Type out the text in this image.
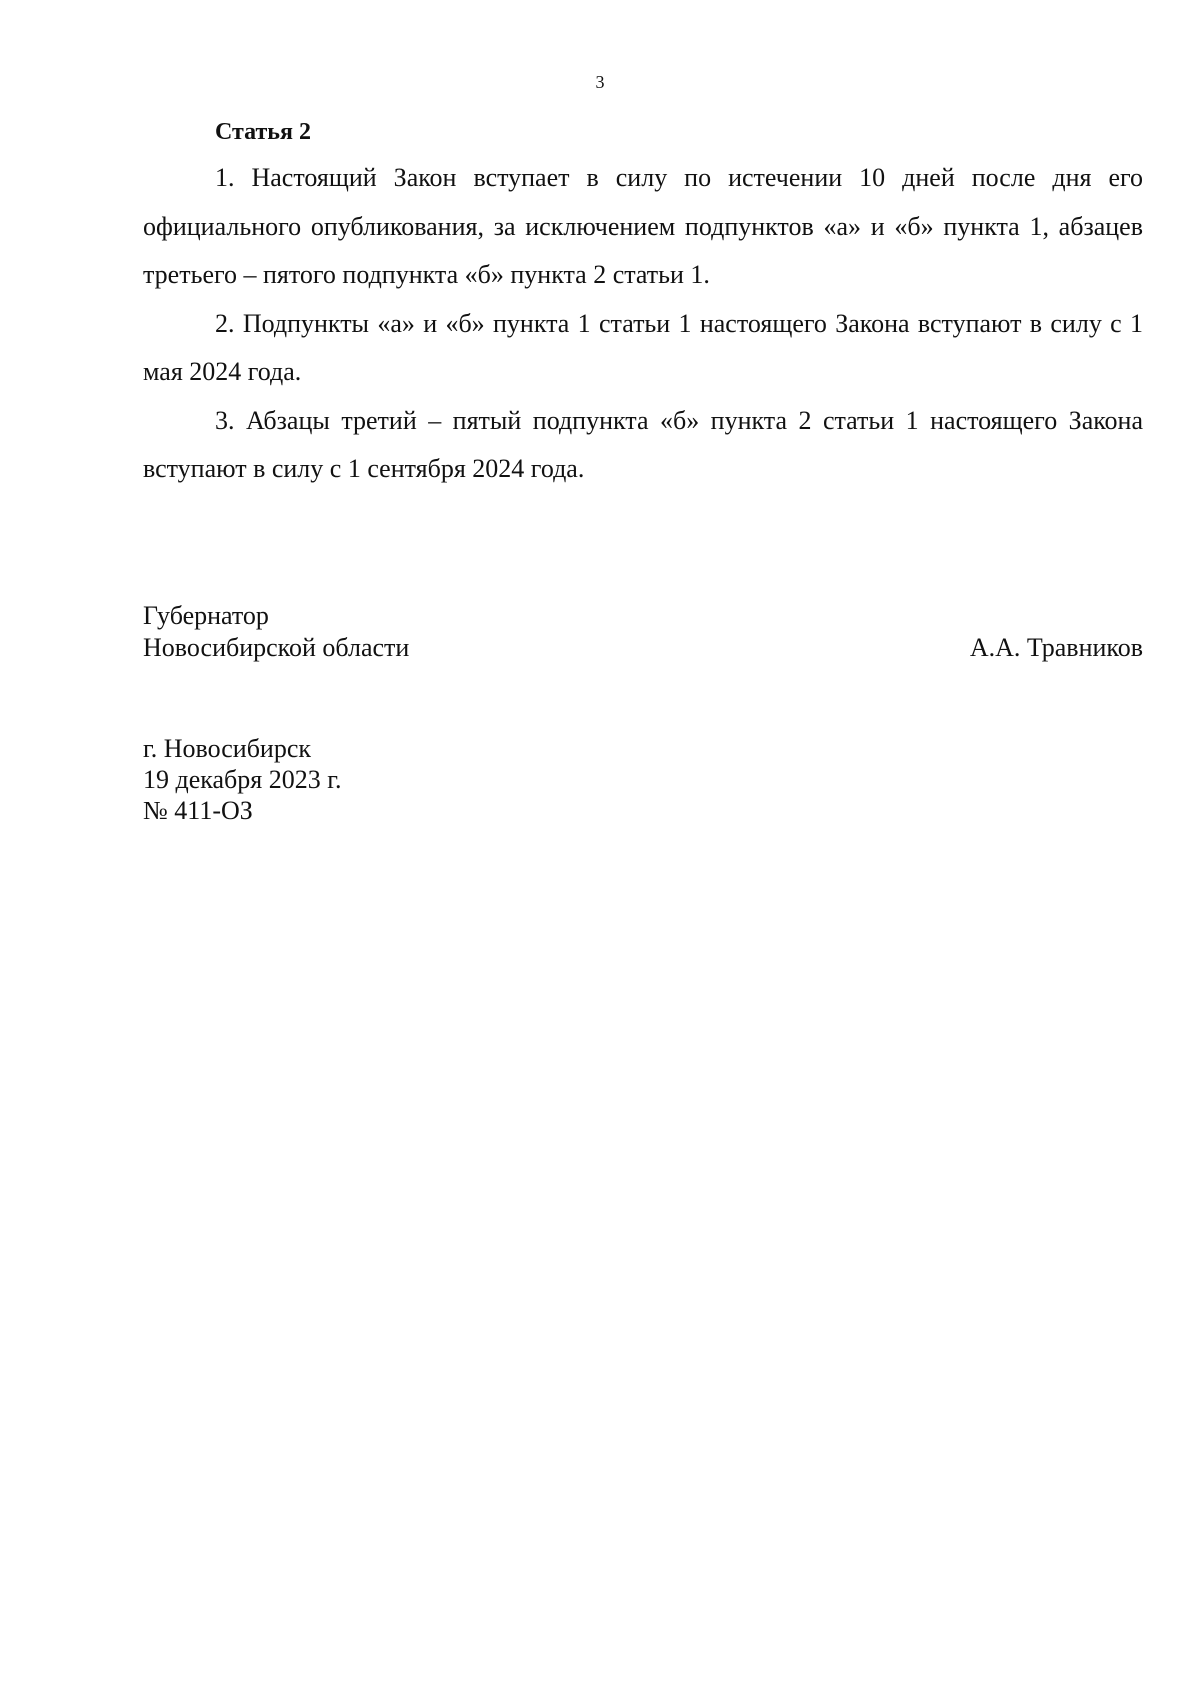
3
Статья 2

1. Настоящий Закон вступает в силу по истечении 10 дней после дня его официального опубликования, за исключением подпунктов «а» и «б» пункта 1, абзацев третьего – пятого подпункта «б» пункта 2 статьи 1.

2. Подпункты «а» и «б» пункта 1 статьи 1 настоящего Закона вступают в силу с 1 мая 2024 года.

3. Абзацы третий – пятый подпункта «б» пункта 2 статьи 1 настоящего Закона вступают в силу с 1 сентября 2024 года.

Губернатор
Новосибирской области	А.А. Травников
г. Новосибирск
19 декабря 2023 г.
№ 411-ОЗ
